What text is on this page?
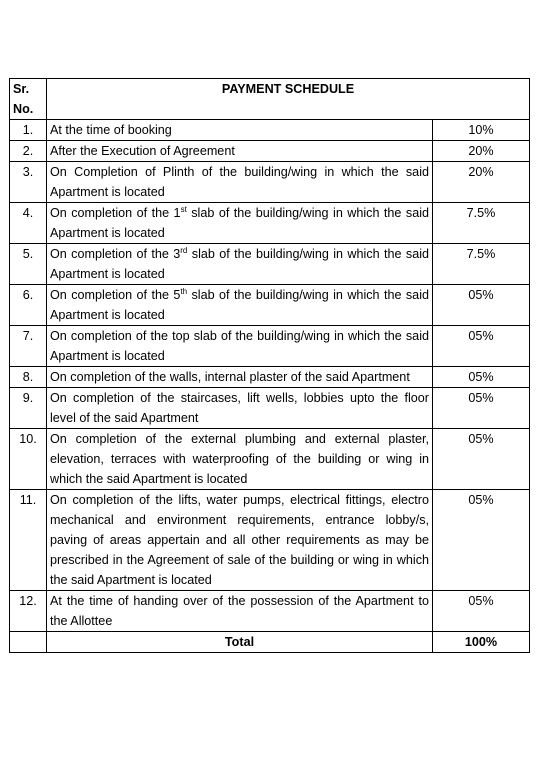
Sr. No.	PAYMENT SCHEDULE	
1.	At the time of booking	10%
2.	After the Execution of Agreement	20%
3.	On Completion of Plinth of the building/wing in which the said Apartment is located	20%
4.	On completion of the 1st slab of the building/wing in which the said Apartment is located	7.5%
5.	On completion of the 3rd slab of the building/wing in which the said Apartment is located	7.5%
6.	On completion of the 5th slab of the building/wing in which the said Apartment is located	05%
7.	On completion of the top slab of the building/wing in which the said Apartment is located	05%
8.	On completion of the walls, internal plaster of the said Apartment	05%
9.	On completion of the staircases, lift wells, lobbies upto the floor level of the said Apartment	05%
10.	On completion of the external plumbing and external plaster, elevation, terraces with waterproofing of the building or wing in which the said Apartment is located	05%
11.	On completion of the lifts, water pumps, electrical fittings, electro mechanical and environment requirements, entrance lobby/s, paving of areas appertain and all other requirements as may be prescribed in the Agreement of sale of the building or wing in which the said Apartment is located	05%
12.	At the time of handing over of the possession of the Apartment to the Allottee	05%
	Total	100%
